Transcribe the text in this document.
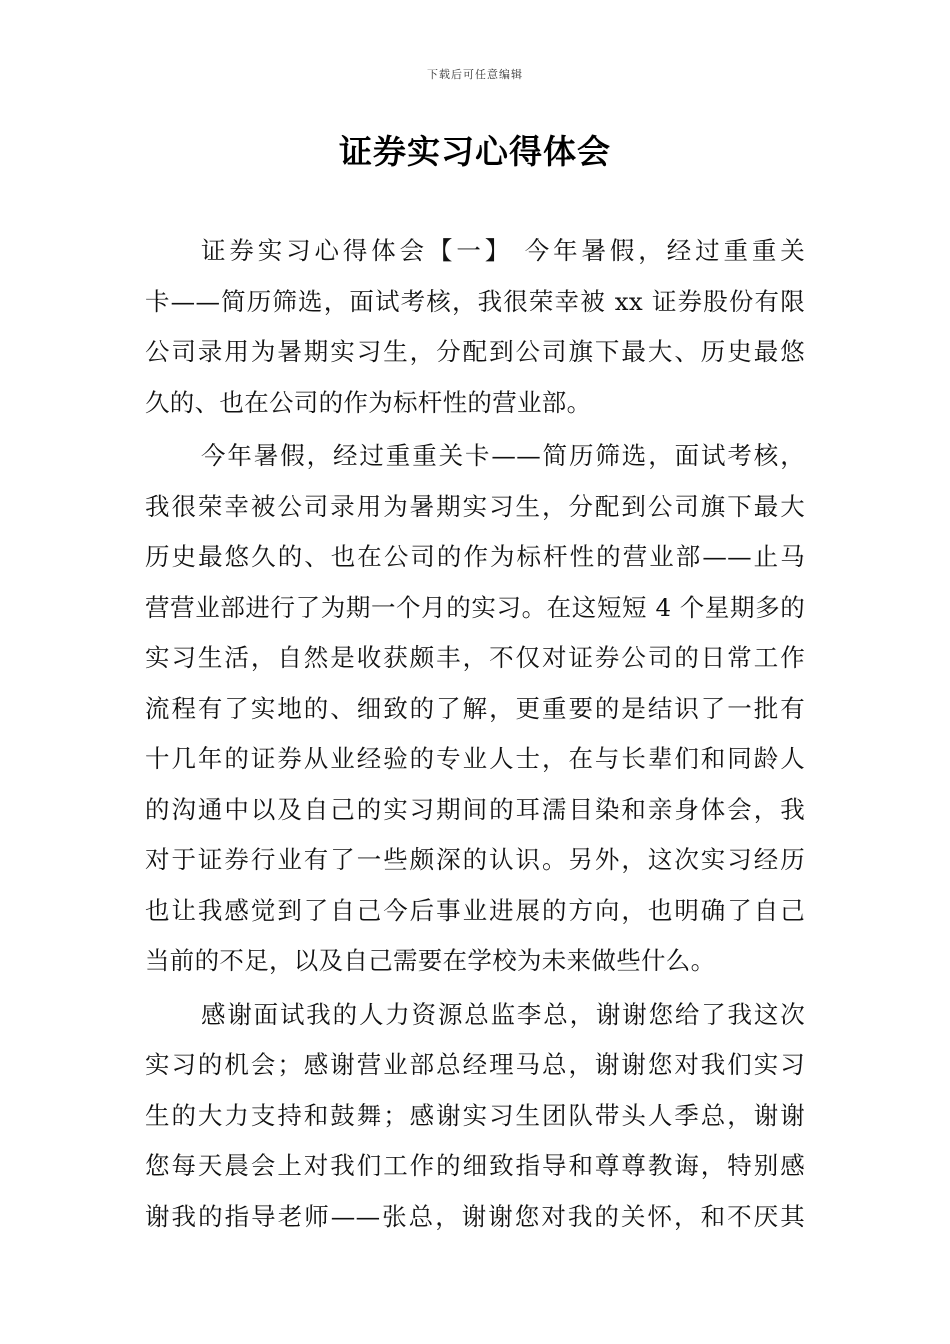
下载后可任意编辑
证券实习心得体会
证券实习心得体会【一】 今年暑假，经过重重关
卡——简历筛选，面试考核，我很荣幸被 xx 证券股份有限
公司录用为暑期实习生，分配到公司旗下最大、历史最悠
久的、也在公司的作为标杆性的营业部。
今年暑假，经过重重关卡——简历筛选，面试考核，
我很荣幸被公司录用为暑期实习生，分配到公司旗下最大
历史最悠久的、也在公司的作为标杆性的营业部——止马
营营业部进行了为期一个月的实习。在这短短 4 个星期多的
实习生活，自然是收获颇丰，不仅对证券公司的日常工作
流程有了实地的、细致的了解，更重要的是结识了一批有
十几年的证券从业经验的专业人士，在与长辈们和同龄人
的沟通中以及自己的实习期间的耳濡目染和亲身体会，我
对于证券行业有了一些颇深的认识。另外，这次实习经历
也让我感觉到了自己今后事业进展的方向，也明确了自己
当前的不足，以及自己需要在学校为未来做些什么。
感谢面试我的人力资源总监李总，谢谢您给了我这次
实习的机会；感谢营业部总经理马总，谢谢您对我们实习
生的大力支持和鼓舞；感谢实习生团队带头人季总，谢谢
您每天晨会上对我们工作的细致指导和尊尊教诲，特别感
谢我的指导老师——张总，谢谢您对我的关怀，和不厌其
